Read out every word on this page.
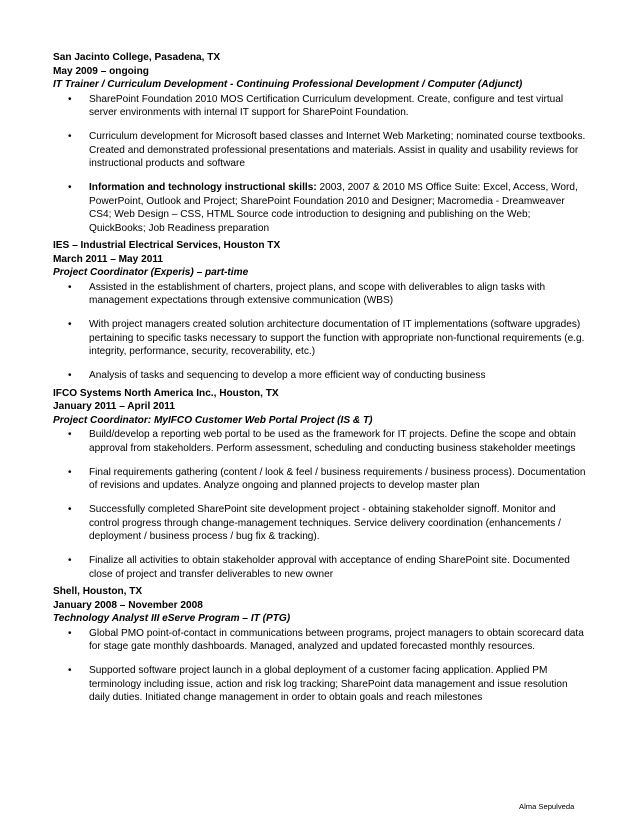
San Jacinto College, Pasadena, TX
May 2009 – ongoing
IT Trainer / Curriculum Development - Continuing Professional Development / Computer (Adjunct)
• SharePoint Foundation 2010 MOS Certification Curriculum development. Create, configure and test virtual server environments with internal IT support for SharePoint Foundation.
• Curriculum development for Microsoft based classes and Internet Web Marketing; nominated course textbooks. Created and demonstrated professional presentations and materials. Assist in quality and usability reviews for instructional products and software
• Information and technology instructional skills: 2003, 2007 & 2010 MS Office Suite: Excel, Access, Word, PowerPoint, Outlook and Project; SharePoint Foundation 2010 and Designer; Macromedia - Dreamweaver CS4; Web Design – CSS, HTML Source code introduction to designing and publishing on the Web; QuickBooks; Job Readiness preparation
IES – Industrial Electrical Services, Houston TX
March 2011 – May 2011
Project Coordinator (Experis) – part-time
• Assisted in the establishment of charters, project plans, and scope with deliverables to align tasks with management expectations through extensive communication (WBS)
• With project managers created solution architecture documentation of IT implementations (software upgrades) pertaining to specific tasks necessary to support the function with appropriate non-functional requirements (e.g. integrity, performance, security, recoverability, etc.)
• Analysis of tasks and sequencing to develop a more efficient way of conducting business
IFCO Systems North America Inc., Houston, TX
January 2011 – April 2011
Project Coordinator: MyIFCO Customer Web Portal Project (IS & T)
• Build/develop a reporting web portal to be used as the framework for IT projects. Define the scope and obtain approval from stakeholders. Perform assessment, scheduling and conducting business stakeholder meetings
• Final requirements gathering (content / look & feel / business requirements / business process). Documentation of revisions and updates. Analyze ongoing and planned projects to develop master plan
• Successfully completed SharePoint site development project - obtaining stakeholder signoff. Monitor and control progress through change-management techniques. Service delivery coordination (enhancements / deployment / business process / bug fix & tracking).
• Finalize all activities to obtain stakeholder approval with acceptance of ending SharePoint site. Documented close of project and transfer deliverables to new owner
Shell, Houston, TX
January 2008 – November 2008
Technology Analyst III eServe Program – IT (PTG)
• Global PMO point-of-contact in communications between programs, project managers to obtain scorecard data for stage gate monthly dashboards. Managed, analyzed and updated forecasted monthly resources.
• Supported software project launch in a global deployment of a customer facing application. Applied PM terminology including issue, action and risk log tracking; SharePoint data management and issue resolution daily duties. Initiated change management in order to obtain goals and reach milestones
Alma Sepulveda
